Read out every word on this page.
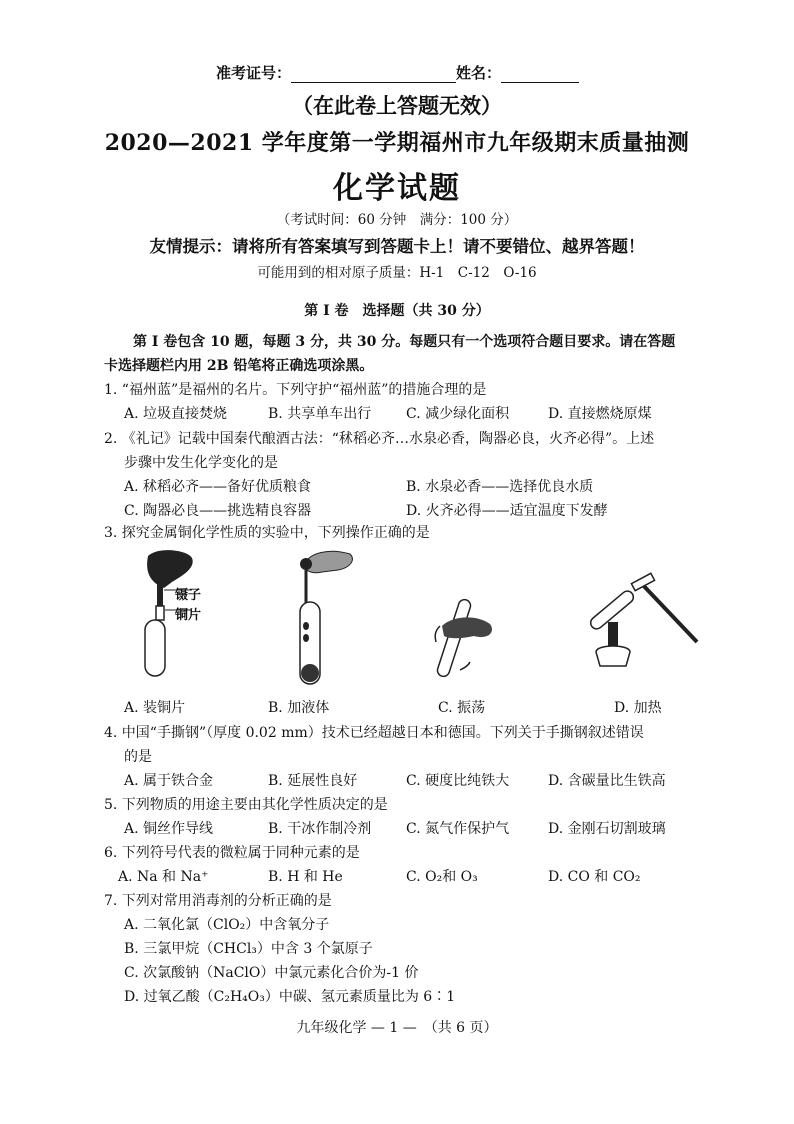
准考证号：	姓名：
（在此卷上答题无效）
2020—2021 学年度第一学期福州市九年级期末质量抽测
化学试题
（考试时间：60 分钟　满分：100 分）
友情提示：请将所有答案填写到答题卡上！请不要错位、越界答题！
可能用到的相对原子质量：H-1　C-12　O-16
第 Ⅰ 卷　选择题（共 30 分）
第 Ⅰ 卷包含 10 题，每题 3 分，共 30 分。每题只有一个选项符合题目要求。请在答题
卡选择题栏内用 2B 铅笔将正确选项涂黑。
1. “福州蓝”是福州的名片。下列守护“福州蓝”的措施合理的是
A. 垃圾直接焚烧	B. 共享单车出行 C. 减少绿化面积	D. 直接燃烧原煤
2. 《礼记》记载中国秦代酿酒古法：“秫稻必齐…水泉必香，陶器必良，火齐必得”。上述
步骤中发生化学变化的是
A. 秫稻必齐——备好优质粮食	B. 水泉必香——选择优良水质
C. 陶器必良——挑选精良容器	D. 火齐必得——适宜温度下发酵
3. 探究金属铜化学性质的实验中，下列操作正确的是
镊子
铜片
A. 装铜片	B. 加液体	C. 振荡	D. 加热
4. 中国“手撕钢”（厚度 0.02 mm）技术已经超越日本和德国。下列关于手撕钢叙述错误
的是
A. 属于铁合金	B. 延展性良好	C. 硬度比纯铁大	D. 含碳量比生铁高
5. 下列物质的用途主要由其化学性质决定的是
A. 铜丝作导线	B. 干冰作制冷剂 C. 氮气作保护气	D. 金刚石切割玻璃
6. 下列符号代表的微粒属于同种元素的是
A. Na 和 Na⁺	B. H 和 He	C. O₂和 O₃	D. CO 和 CO₂
7. 下列对常用消毒剂的分析正确的是
A. 二氧化氯（ClO₂）中含氧分子
B. 三氯甲烷（CHCl₃）中含 3 个氯原子
C. 次氯酸钠（NaClO）中氯元素化合价为-1 价
D. 过氧乙酸（C₂H₄O₃）中碳、氢元素质量比为 6∶1
九年级化学 — 1 —　（共 6 页）
